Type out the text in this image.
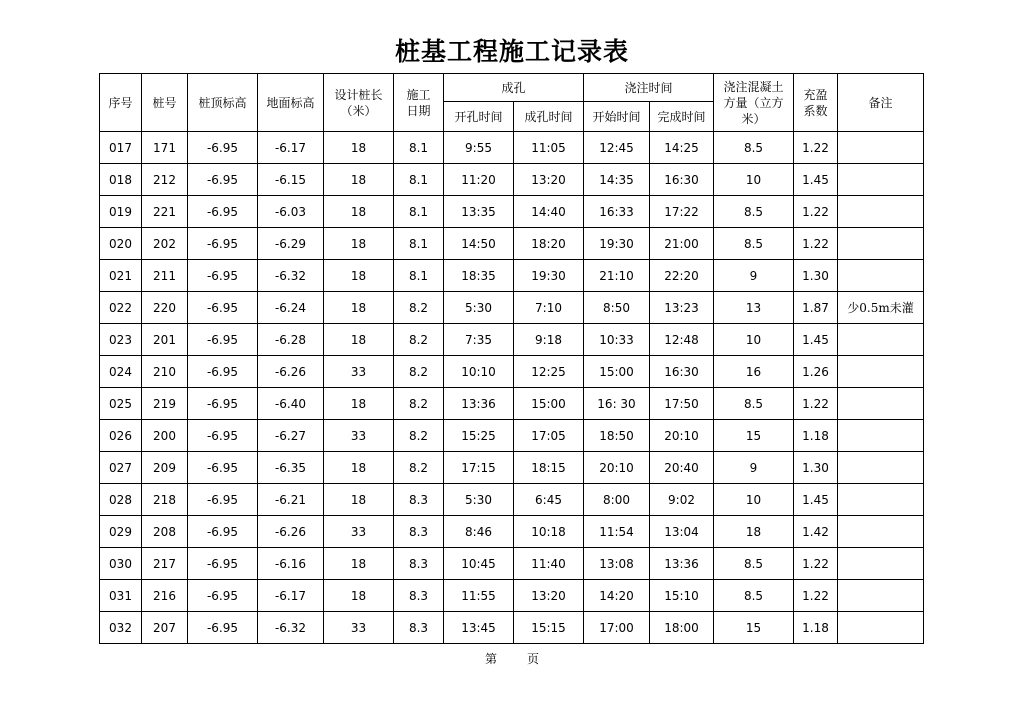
桩基工程施工记录表
序号	桩号	桩顶标高	地面标高	设计桩长（米）	施工日期	成孔		浇注时间		浇注混凝土方量（立方米）	充盈系数	备注
						开孔时间	成孔时间	开始时间	完成时间			
017	171	-6.95	-6.17	18	8.1	9:55	11:05	12:45	14:25	8.5	1.22	
018	212	-6.95	-6.15	18	8.1	11:20	13:20	14:35	16:30	10	1.45	
019	221	-6.95	-6.03	18	8.1	13:35	14:40	16:33	17:22	8.5	1.22	
020	202	-6.95	-6.29	18	8.1	14:50	18:20	19:30	21:00	8.5	1.22	
021	211	-6.95	-6.32	18	8.1	18:35	19:30	21:10	22:20	9	1.30	
022	220	-6.95	-6.24	18	8.2	5:30	7:10	8:50	13:23	13	1.87	少0.5m未灌
023	201	-6.95	-6.28	18	8.2	7:35	9:18	10:33	12:48	10	1.45	
024	210	-6.95	-6.26	33	8.2	10:10	12:25	15:00	16:30	16	1.26	
025	219	-6.95	-6.40	18	8.2	13:36	15:00	16: 30	17:50	8.5	1.22	
026	200	-6.95	-6.27	33	8.2	15:25	17:05	18:50	20:10	15	1.18	
027	209	-6.95	-6.35	18	8.2	17:15	18:15	20:10	20:40	9	1.30	
028	218	-6.95	-6.21	18	8.3	5:30	6:45	8:00	9:02	10	1.45	
029	208	-6.95	-6.26	33	8.3	8:46	10:18	11:54	13:04	18	1.42	
030	217	-6.95	-6.16	18	8.3	10:45	11:40	13:08	13:36	8.5	1.22	
031	216	-6.95	-6.17	18	8.3	11:55	13:20	14:20	15:10	8.5	1.22	
032	207	-6.95	-6.32	33	8.3	13:45	15:15	17:00	18:00	15	1.18	
第	页
